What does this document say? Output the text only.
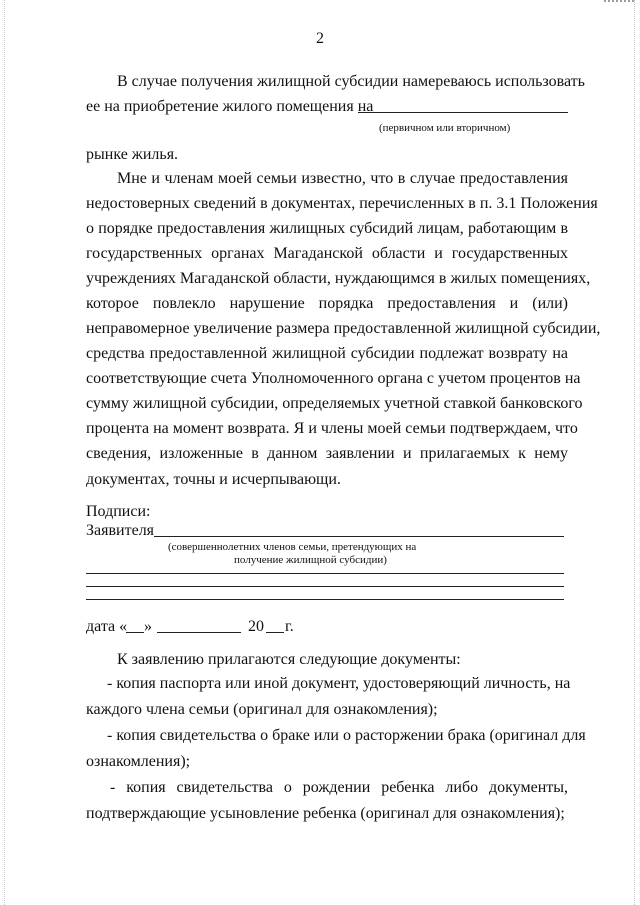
2
В случае получения жилищной субсидии намереваюсь использовать
ее на приобретение жилого помещения на
(первичном или вторичном)
рынке жилья.
Мне и членам моей семьи известно, что в случае предоставления
недостоверных сведений в документах, перечисленных в п. 3.1 Положения
о порядке предоставления жилищных субсидий лицам, работающим в
государственных органах Магаданской области и государственных
учреждениях Магаданской области, нуждающимся в жилых помещениях,
которое повлекло нарушение порядка предоставления и (или)
неправомерное увеличение размера предоставленной жилищной субсидии,
средства предоставленной жилищной субсидии подлежат возврату на
соответствующие счета Уполномоченного органа с учетом процентов на
сумму жилищной субсидии, определяемых учетной ставкой банковского
процента на момент возврата. Я и члены моей семьи подтверждаем, что
сведения, изложенные в данном заявлении и прилагаемых к нему
документах, точны и исчерпывающи.
Подписи:
Заявителя
(совершеннолетних членов семьи, претендующих на
получение жилищной субсидии)
дата « »	20 г.
К заявлению прилагаются следующие документы:
- копия паспорта или иной документ, удостоверяющий личность, на
каждого члена семьи (оригинал для ознакомления);
- копия свидетельства о браке или о расторжении брака (оригинал для
ознакомления);
- копия свидетельства о рождении ребенка либо документы,
подтверждающие усыновление ребенка (оригинал для ознакомления);
